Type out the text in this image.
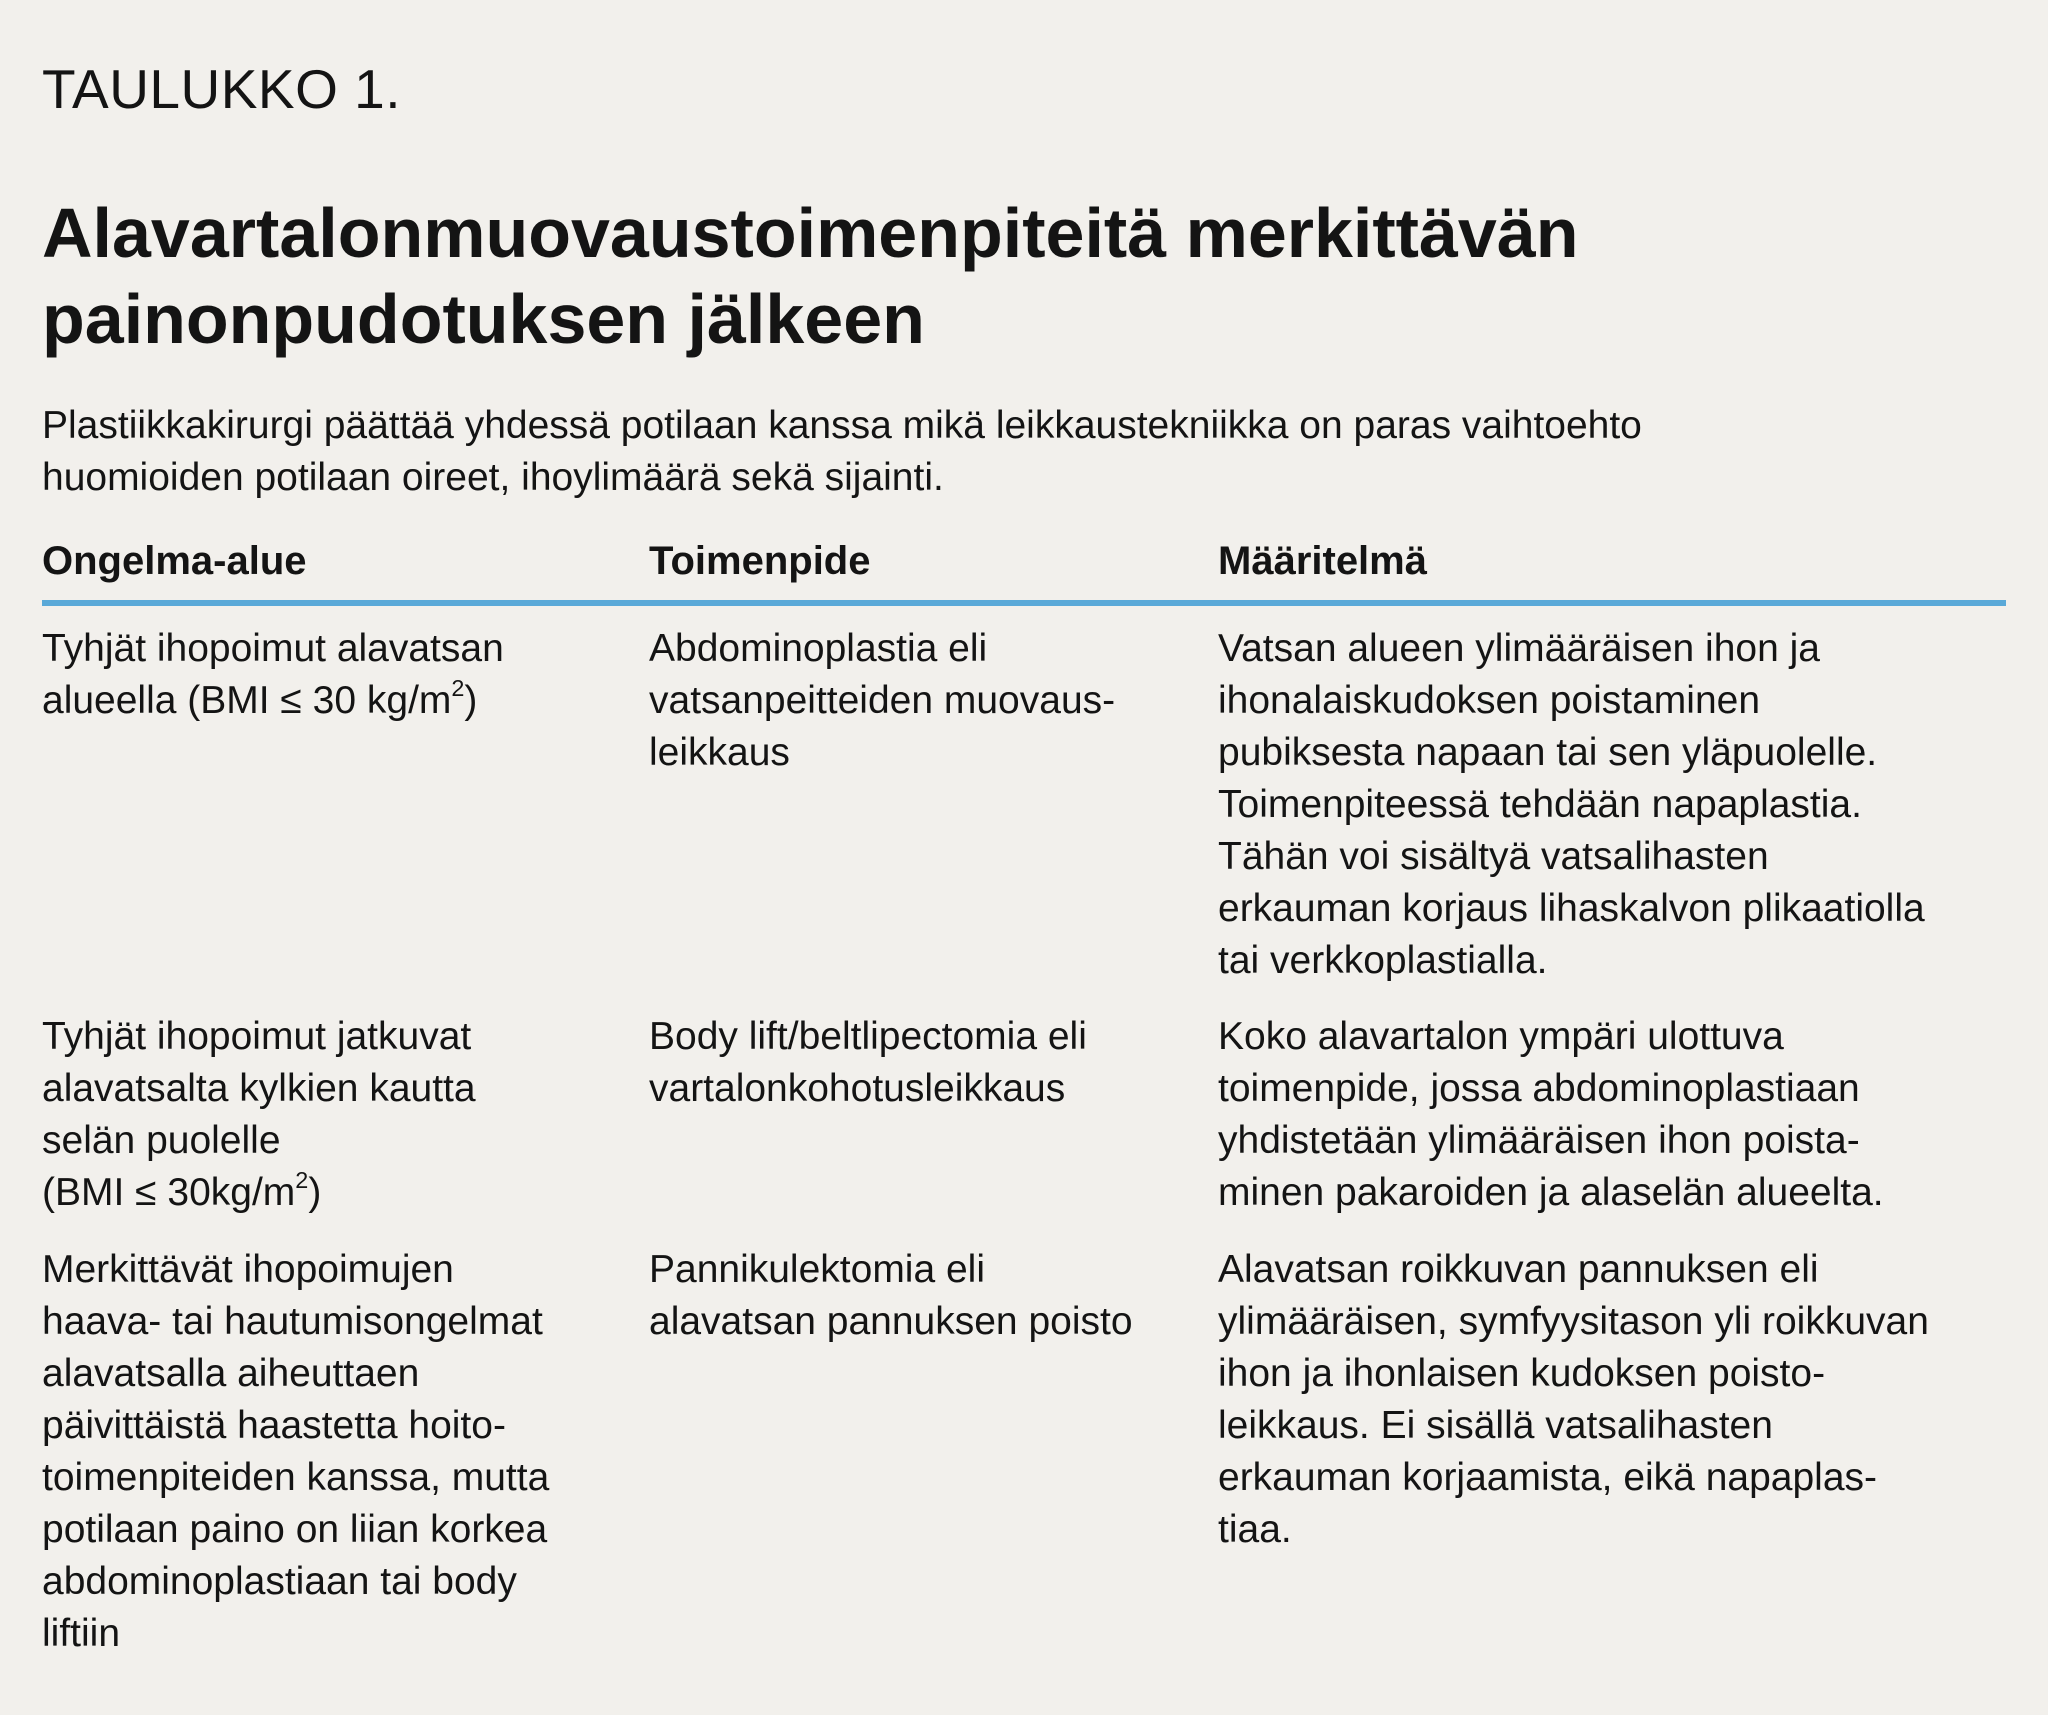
TAULUKKO 1.
Alavartalonmuovaustoimenpiteitä merkittävän
painonpudotuksen jälkeen
Plastiikkakirurgi päättää yhdessä potilaan kanssa mikä leikkaustekniikka on paras vaihtoehto
huomioiden potilaan oireet, ihoylimäärä sekä sijainti.
Ongelma-alue	Toimenpide	Määritelmä
Tyhjät ihopoimut alavatsan
alueella (BMI ≤ 30 $kg/m^2$)
Abdominoplastia eli
vatsanpeitteiden muovaus-
leikkaus
Vatsan alueen ylimääräisen ihon ja
ihonalaiskudoksen poistaminen
pubiksesta napaan tai sen yläpuolelle.
Toimenpiteessä tehdään napaplastia.
Tähän voi sisältyä vatsalihasten
erkauman korjaus lihaskalvon plikaatiolla
tai verkkoplastialla.
Tyhjät ihopoimut jatkuvat
alavatsalta kylkien kautta
selän puolelle
$(BMI \le 30kg/m^2)$
Body lift/beltlipectomia eli
vartalonkohotusleikkaus
Koko alavartalon ympäri ulottuva
toimenpide, jossa abdominoplastiaan
yhdistetään ylimääräisen ihon poista-
minen pakaroiden ja alaselän alueelta.
Merkittävät ihopoimujen
haava- tai hautumisongelmat
alavatsalla aiheuttaen
päivittäistä haastetta hoito-
toimenpiteiden kanssa, mutta
potilaan paino on liian korkea
abdominoplastiaan tai body
liftiin
Pannikulektomia eli
alavatsan pannuksen poisto
Alavatsan roikkuvan pannuksen eli
ylimääräisen, symfyysitason yli roikkuvan
ihon ja ihonlaisen kudoksen poisto-
leikkaus. Ei sisällä vatsalihasten
erkauman korjaamista, eikä napaplas-
tiaa.
